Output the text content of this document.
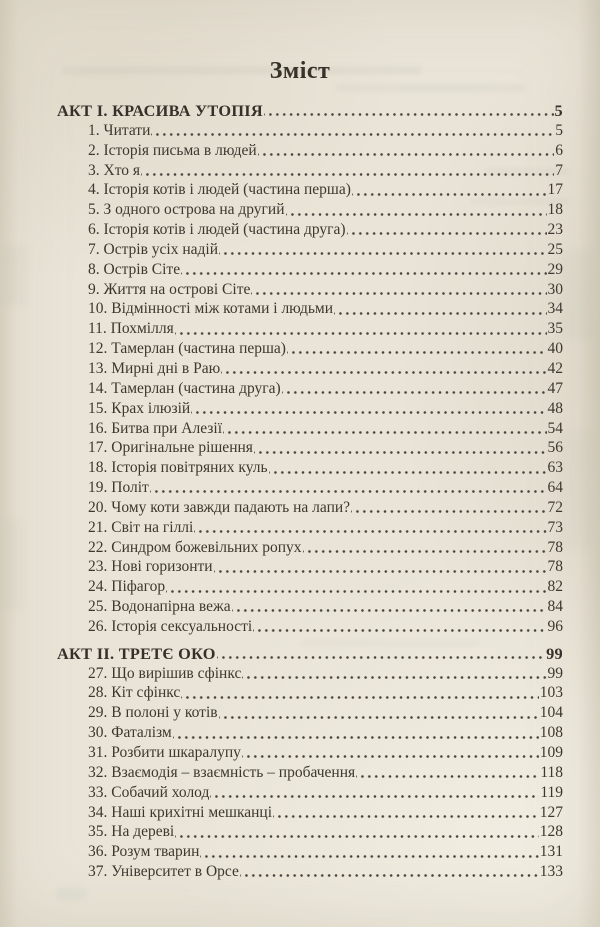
Зміст
АКТ І. КРАСИВА УТОПІЯ	5
1. Читати	5
2. Історія письма в людей	6
3. Хто я	7
4. Історія котів і людей (частина перша)	17
5. З одного острова на другий	18
6. Історія котів і людей (частина друга)	23
7. Острів усіх надій	25
8. Острів Сіте	29
9. Життя на острові Сіте	30
10. Відмінності між котами і людьми	34
11. Похмілля	35
12. Тамерлан (частина перша)	40
13. Мирні дні в Раю	42
14. Тамерлан (частина друга)	47
15. Крах ілюзій	48
16. Битва при Алезії	54
17. Оригінальне рішення	56
18. Історія повітряних куль	63
19. Політ	64
20. Чому коти завжди падають на лапи?	72
21. Світ на гіллі	73
22. Синдром божевільних ропух	78
23. Нові горизонти	78
24. Піфагор	82
25. Водонапірна вежа	84
26. Історія сексуальності	96
АКТ ІІ. ТРЕТЄ ОКО	99
27. Що вирішив сфінкс	99
28. Кіт сфінкс	103
29. В полоні у котів	104
30. Фаталізм	108
31. Розбити шкаралупу	109
32. Взаємодія – взаємність – пробачення	118
33. Собачий холод	119
34. Наші крихітні мешканці	127
35. На дереві	128
36. Розум тварин	131
37. Університет в Орсе	133
